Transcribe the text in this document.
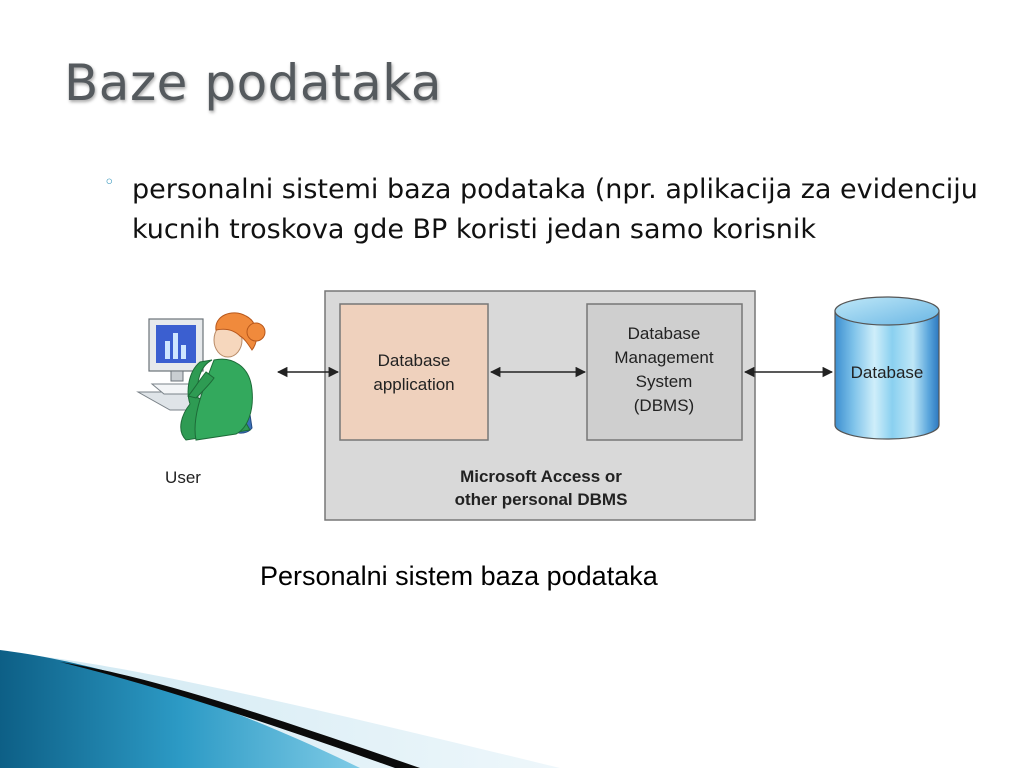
Baze podataka
◦ personalni sistemi baza podataka (npr. aplikacija za evidenciju kucnih troskova gde BP koristi jedan samo korisnik
Database
application
Database
Management
System
(DBMS)
Microsoft Access or
other personal DBMS
Database
User
Personalni sistem baza podataka
